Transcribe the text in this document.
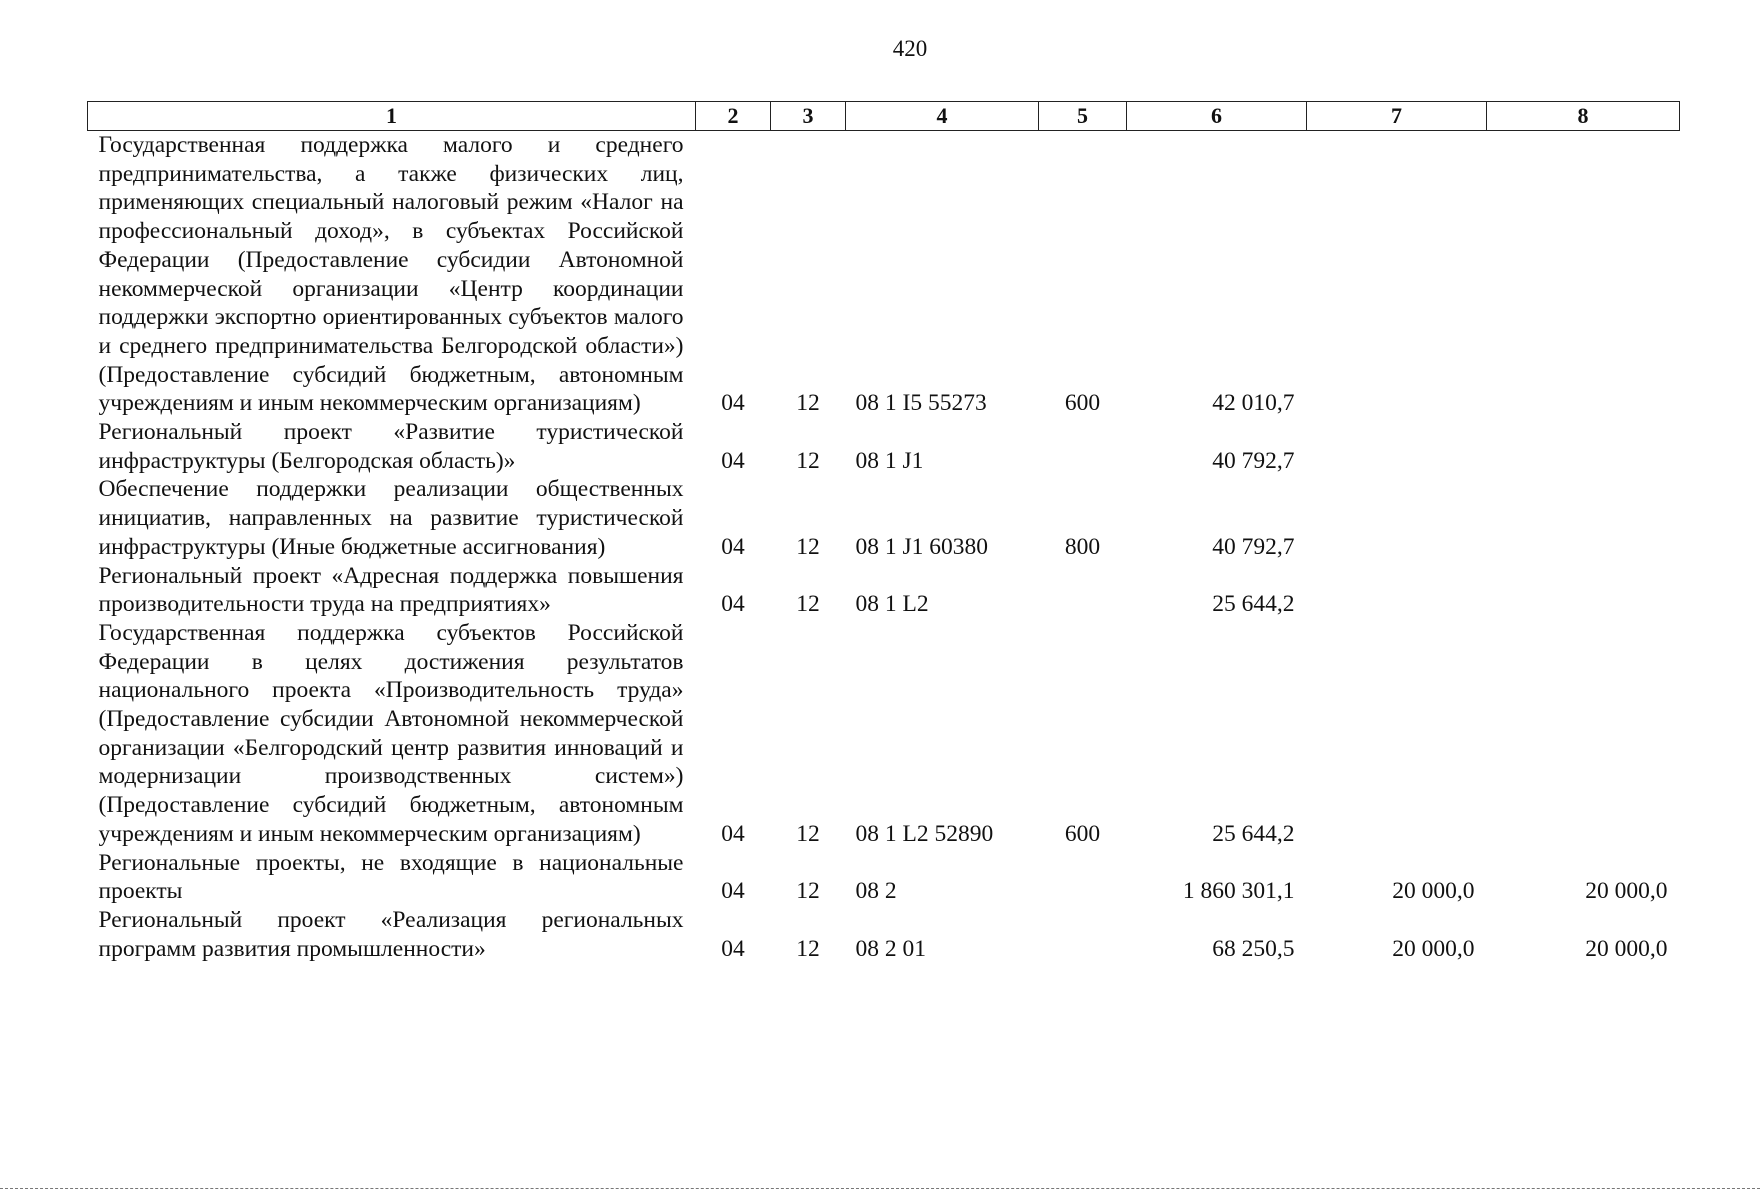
420
1	2	3	4	5	6	7	8
Государственная поддержка малого и среднего предпринимательства, а также физических лиц, применяющих специальный налоговый режим «Налог на профессиональный доход», в субъектах Российской Федерации (Предоставление субсидии Автономной некоммерческой организации «Центр координации поддержки экспортно ориентированных субъектов малого и среднего предпринимательства Белгородской области») (Предоставление субсидий бюджетным, автономным учреждениям и иным некоммерческим организациям)	04	12	08 1 I5 55273	600	42 010,7		
Региональный проект «Развитие туристической инфраструктуры (Белгородская область)»	04	12	08 1 J1		40 792,7		
Обеспечение поддержки реализации общественных инициатив, направленных на развитие туристической инфраструктуры (Иные бюджетные ассигнования)	04	12	08 1 J1 60380	800	40 792,7		
Региональный проект «Адресная поддержка повышения производительности труда на предприятиях»	04	12	08 1 L2		25 644,2		
Государственная поддержка субъектов Российской Федерации в целях достижения результатов национального проекта «Производительность труда» (Предоставление субсидии Автономной некоммерческой организации «Белгородский центр развития инноваций и модернизации производственных систем») (Предоставление субсидий бюджетным, автономным учреждениям и иным некоммерческим организациям)	04	12	08 1 L2 52890	600	25 644,2		
Региональные проекты, не входящие в национальные проекты	04	12	08 2		1 860 301,1	20 000,0	20 000,0
Региональный проект «Реализация региональных программ развития промышленности»	04	12	08 2 01		68 250,5	20 000,0	20 000,0
